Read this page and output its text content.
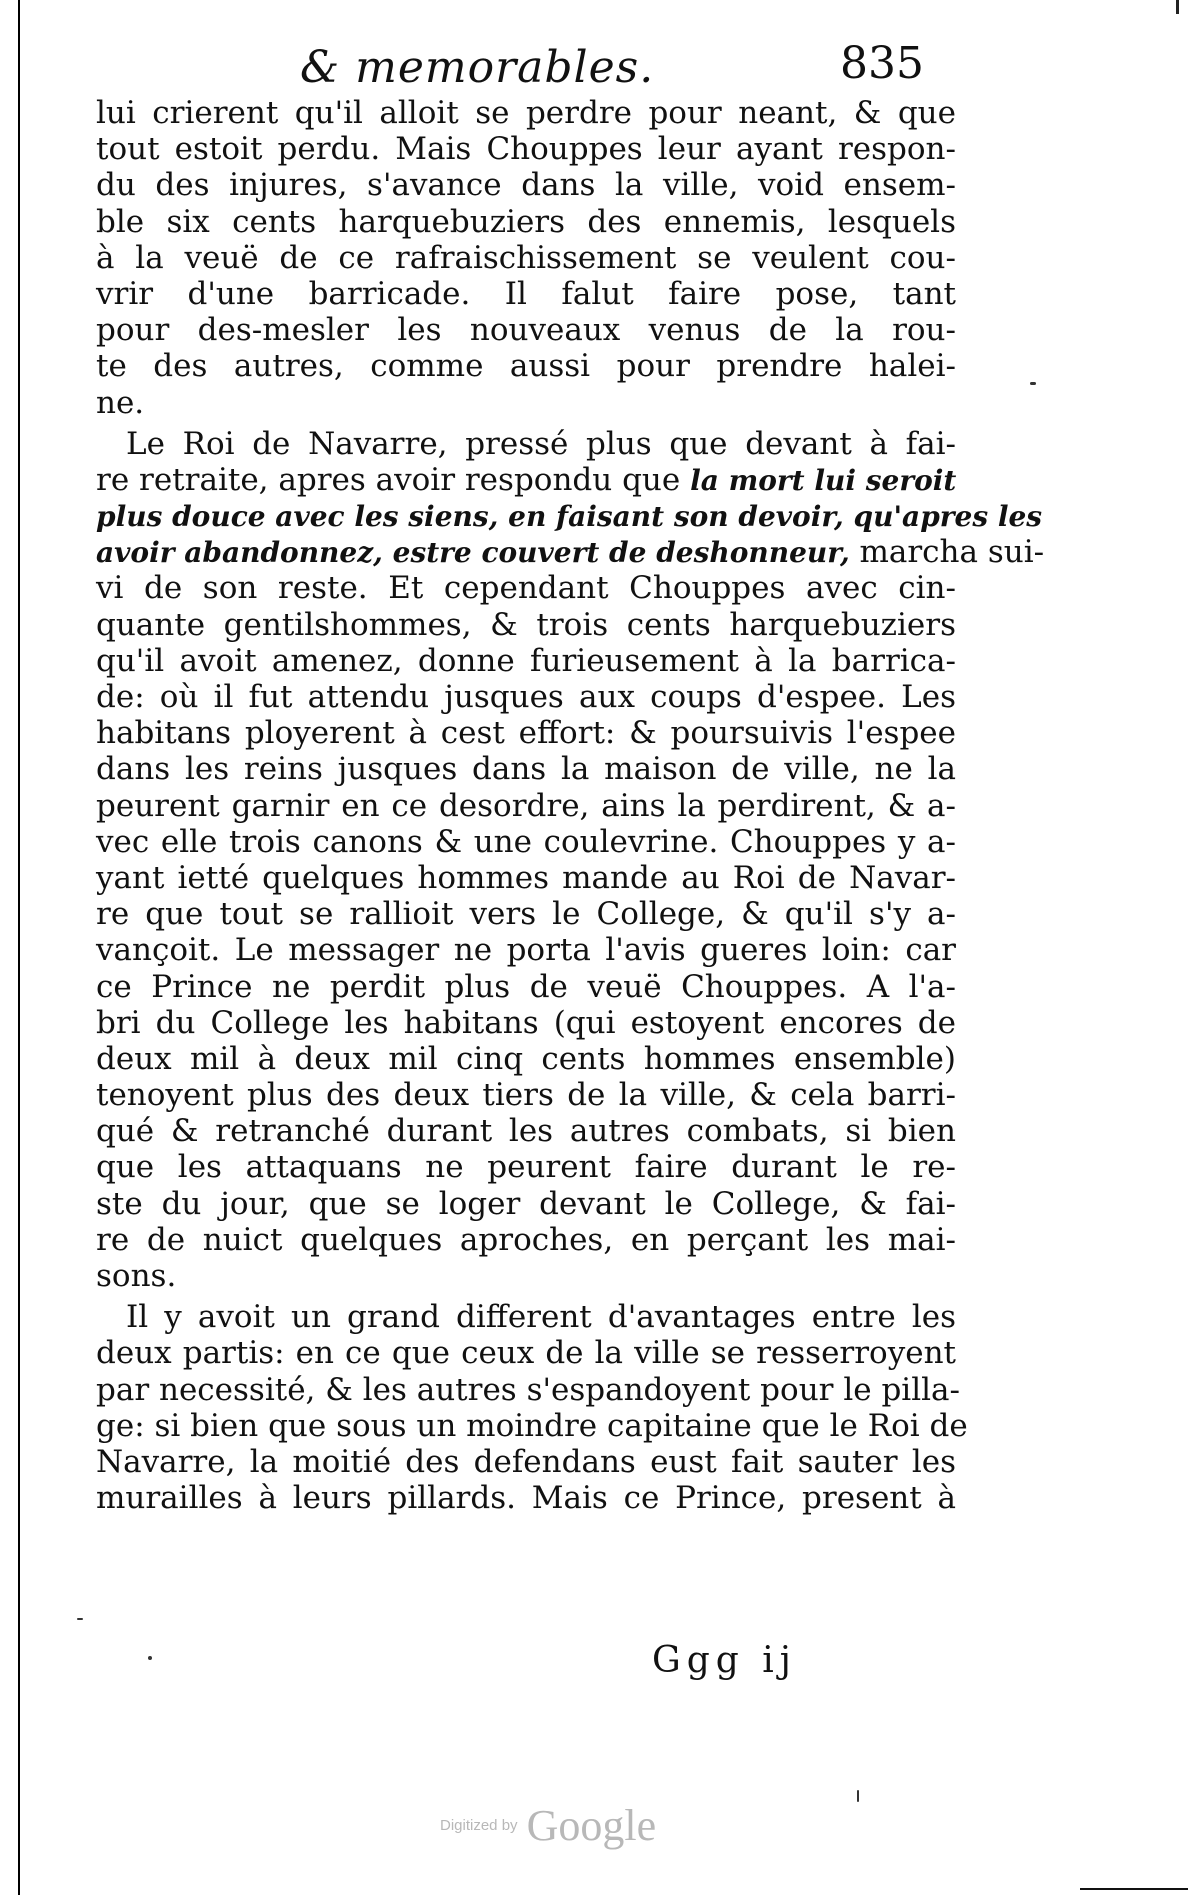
& memorables.	835
lui crierent qu'il alloit se perdre pour neant, & que
tout estoit perdu. Mais Chouppes leur ayant respon-
du des injures, s'avance dans la ville, void ensem-
ble six cents harquebuziers des ennemis, lesquels
à la veuë de ce rafraischissement se veulent cou-
vrir d'une barricade. Il falut faire pose, tant
pour des-mesler les nouveaux venus de la rou-
te des autres, comme aussi pour prendre halei-
ne.
Le Roi de Navarre, pressé plus que devant à fai-
re retraite, apres avoir respondu que la mort lui seroit
plus douce avec les siens, en faisant son devoir, qu'apres les
avoir abandonnez, estre couvert de deshonneur, marcha sui-
vi de son reste. Et cependant Chouppes avec cin-
quante gentilshommes, & trois cents harquebuziers
qu'il avoit amenez, donne furieusement à la barrica-
de: où il fut attendu jusques aux coups d'espee. Les
habitans ployerent à cest effort: & poursuivis l'espee
dans les reins jusques dans la maison de ville, ne la
peurent garnir en ce desordre, ains la perdirent, & a-
vec elle trois canons & une coulevrine. Chouppes y a-
yant ietté quelques hommes mande au Roi de Navar-
re que tout se rallioit vers le College, & qu'il s'y a-
vançoit. Le messager ne porta l'avis gueres loin: car
ce Prince ne perdit plus de veuë Chouppes. A l'a-
bri du College les habitans (qui estoyent encores de
deux mil à deux mil cinq cents hommes ensemble)
tenoyent plus des deux tiers de la ville, & cela barri-
qué & retranché durant les autres combats, si bien
que les attaquans ne peurent faire durant le re-
ste du jour, que se loger devant le College, & fai-
re de nuict quelques aproches, en perçant les mai-
sons.
Il y avoit un grand different d'avantages entre les
deux partis: en ce que ceux de la ville se resserroyent
par necessité, & les autres s'espandoyent pour le pilla-
ge: si bien que sous un moindre capitaine que le Roi de
Navarre, la moitié des defendans eust fait sauter les
murailles à leurs pillards. Mais ce Prince, present à
Ggg ij
Digitized by Google
